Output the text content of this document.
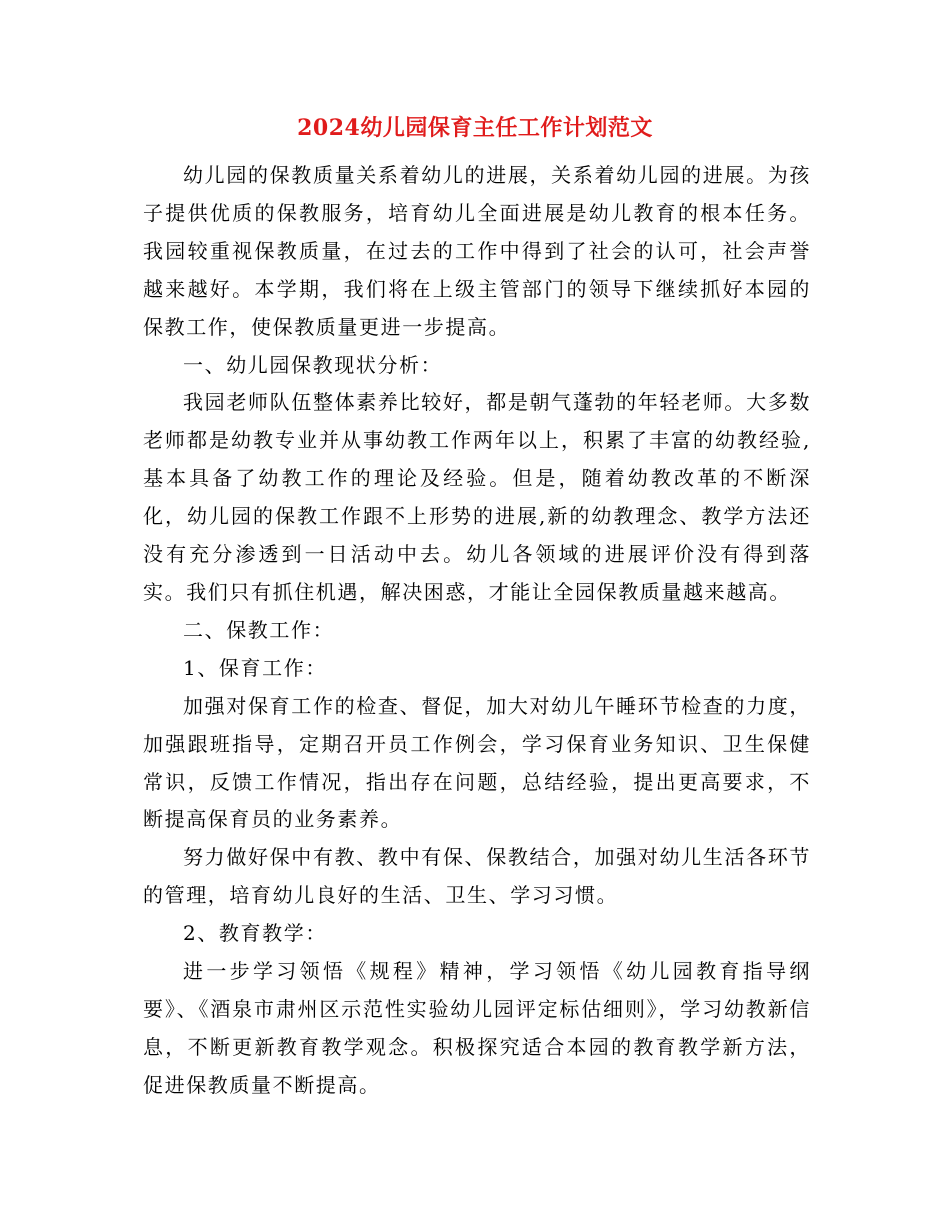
2024幼儿园保育主任工作计划范文

幼儿园的保教质量关系着幼儿的进展，关系着幼儿园的进展。为孩子提供优质的保教服务，培育幼儿全面进展是幼儿教育的根本任务。我园较重视保教质量，在过去的工作中得到了社会的认可，社会声誉越来越好。本学期，我们将在上级主管部门的领导下继续抓好本园的保教工作，使保教质量更进一步提高。

一、幼儿园保教现状分析：

我园老师队伍整体素养比较好，都是朝气蓬勃的年轻老师。大多数老师都是幼教专业并从事幼教工作两年以上，积累了丰富的幼教经验,基本具备了幼教工作的理论及经验。但是，随着幼教改革的不断深化，幼儿园的保教工作跟不上形势的进展,新的幼教理念、教学方法还没有充分渗透到一日活动中去。幼儿各领域的进展评价没有得到落实。我们只有抓住机遇，解决困惑，才能让全园保教质量越来越高。

二、保教工作：

1、保育工作：

加强对保育工作的检查、督促，加大对幼儿午睡环节检查的力度，加强跟班指导，定期召开员工作例会，学习保育业务知识、卫生保健常识，反馈工作情况，指出存在问题，总结经验，提出更高要求，不断提高保育员的业务素养。

努力做好保中有教、教中有保、保教结合，加强对幼儿生活各环节的管理，培育幼儿良好的生活、卫生、学习习惯。

2、教育教学：

进一步学习领悟《规程》精神，学习领悟《幼儿园教育指导纲要》、《酒泉市肃州区示范性实验幼儿园评定标估细则》，学习幼教新信息，不断更新教育教学观念。积极探究适合本园的教育教学新方法，促进保教质量不断提高。
